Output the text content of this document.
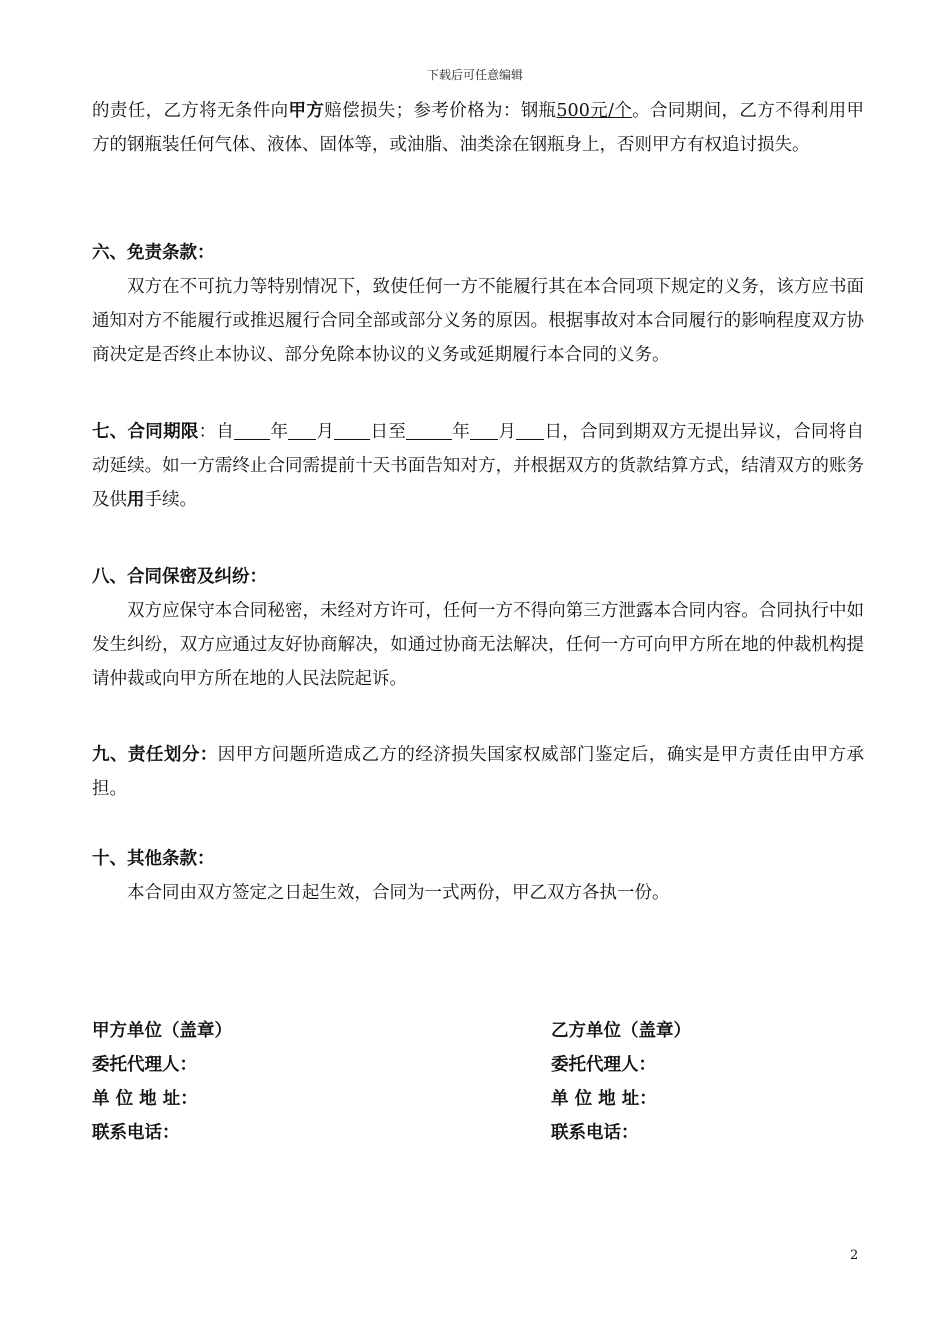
下载后可任意编辑

的责任，乙方将无条件向甲方赔偿损失；参考价格为：钢瓶500元/个。合同期间，乙方不得利用甲方的钢瓶装任何气体、液体、固体等，或油脂、油类涂在钢瓶身上，否则甲方有权追讨损失。

六、免责条款：

双方在不可抗力等特别情况下，致使任何一方不能履行其在本合同项下规定的义务，该方应书面通知对方不能履行或推迟履行合同全部或部分义务的原因。根据事故对本合同履行的影响程度双方协商决定是否终止本协议、部分免除本协议的义务或延期履行本合同的义务。

七、合同期限：自 年 月 日至	年 月 日，合同到期双方无提出异议，合同将自动延续。如一方需终止合同需提前十天书面告知对方，并根据双方的货款结算方式，结清双方的账务及供用手续。

八、合同保密及纠纷：

双方应保守本合同秘密，未经对方许可，任何一方不得向第三方泄露本合同内容。合同执行中如发生纠纷，双方应通过友好协商解决，如通过协商无法解决，任何一方可向甲方所在地的仲裁机构提请仲裁或向甲方所在地的人民法院起诉。

九、责任划分：因甲方问题所造成乙方的经济损失国家权威部门鉴定后，确实是甲方责任由甲方承担。

十、其他条款：

本合同由双方签定之日起生效，合同为一式两份，甲乙双方各执一份。

甲方单位（盖章）
委托代理人：
单 位 地 址：
联系电话：
乙方单位（盖章）
委托代理人：
单 位 地 址：
联系电话：
2
